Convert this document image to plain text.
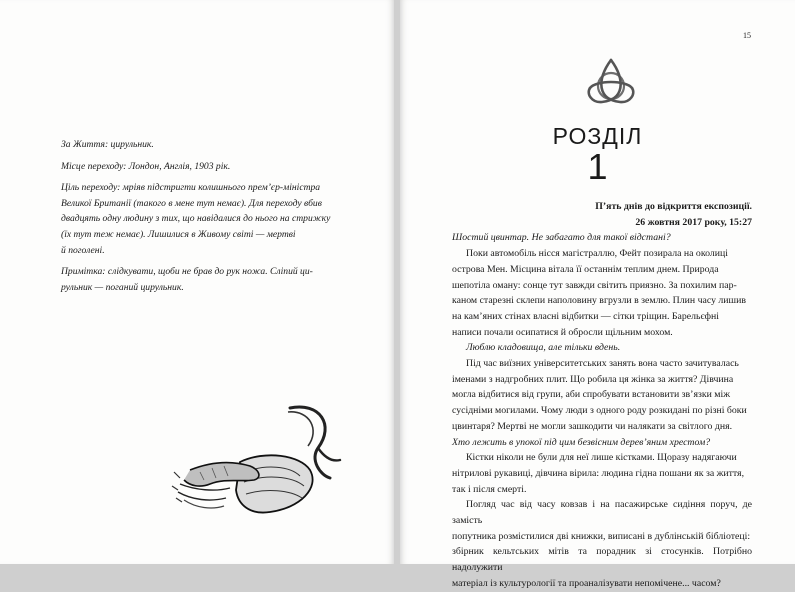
За Життя: цирульник.

Місце переходу: Лондон, Англія, 1903 рік.

Ціль переходу: мріяв підстригти колишнього прем’єр-міністра
Великої Британії (такого в мене тут немає). Для переходу вбив
двадцять одну людину з тих, що навідалися до нього на стрижку
(їх тут теж немає). Лишилися в Живому світі — мертві
й поголені.

Примітка: слідкувати, щоби не брав до рук ножа. Сліпий ци-
рульник — поганий цирульник.

15
РОЗДІЛ
1
П’ять днів до відкриття експозиції.
26 жовтня 2017 року, 15:27

Шостий цвинтар. Не забагато для такої відстані?

Поки автомобіль нісся магістраллю, Фейт позирала на околиці

острова Мен. Місцина вітала її останнім теплим днем. Природа

шепотіла оману: сонце тут завжди світить приязно. За похилим пар-

каном старезні склепи наполовину вгрузли в землю. Плин часу лишив

на кам’яних стінах власні відбитки — сітки тріщин. Барельєфні

написи почали осипатися й обросли щільним мохом.

Люблю кладовища, але тільки вдень.

Під час виїзних університетських занять вона часто зачитувалась

іменами з надгробних плит. Що робила ця жінка за життя? Дівчина

могла відбитися від групи, аби спробувати встановити зв’язки між

сусідніми могилами. Чому люди з одного роду розкидані по різні боки

цвинтаря? Мертві не могли зашкодити чи налякати за світлого дня.

Хто лежить в упокої під цим безвісним дерев’яним хрестом?

Кістки ніколи не були для неї лише кістками. Щоразу надягаючи

нітрилові рукавиці, дівчина вірила: людина гідна пошани як за життя,

так і після смерті.

Погляд час від часу ковзав і на пасажирське сидіння поруч, де замість

попутника розмістилися дві книжки, виписані в дублінській бібліотеці:

збірник кельтських мітів та порадник зі стосунків. Потрібно надолужити

матеріал із культурології та проаналізувати непомічене... чаcом?
